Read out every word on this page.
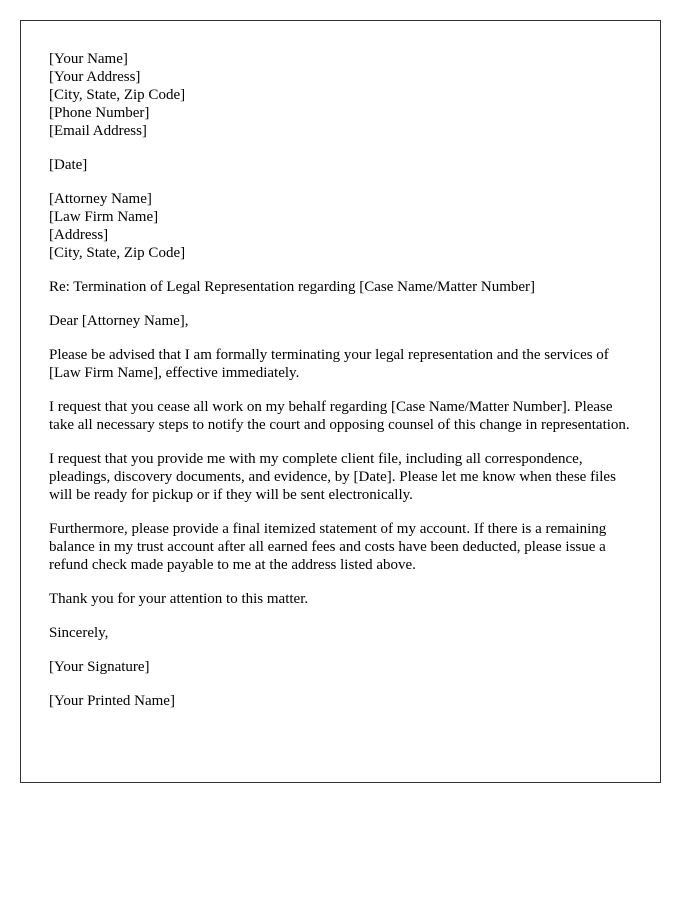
[Your Name]
[Your Address]
[City, State, Zip Code]
[Phone Number]
[Email Address]
[Date]
[Attorney Name]
[Law Firm Name]
[Address]
[City, State, Zip Code]
Re: Termination of Legal Representation regarding [Case Name/Matter Number]
Dear [Attorney Name],
Please be advised that I am formally terminating your legal representation and the services of [Law Firm Name], effective immediately.
I request that you cease all work on my behalf regarding [Case Name/Matter Number]. Please take all necessary steps to notify the court and opposing counsel of this change in representation.
I request that you provide me with my complete client file, including all correspondence, pleadings, discovery documents, and evidence, by [Date]. Please let me know when these files will be ready for pickup or if they will be sent electronically.
Furthermore, please provide a final itemized statement of my account. If there is a remaining balance in my trust account after all earned fees and costs have been deducted, please issue a refund check made payable to me at the address listed above.
Thank you for your attention to this matter.
Sincerely,
[Your Signature]
[Your Printed Name]
